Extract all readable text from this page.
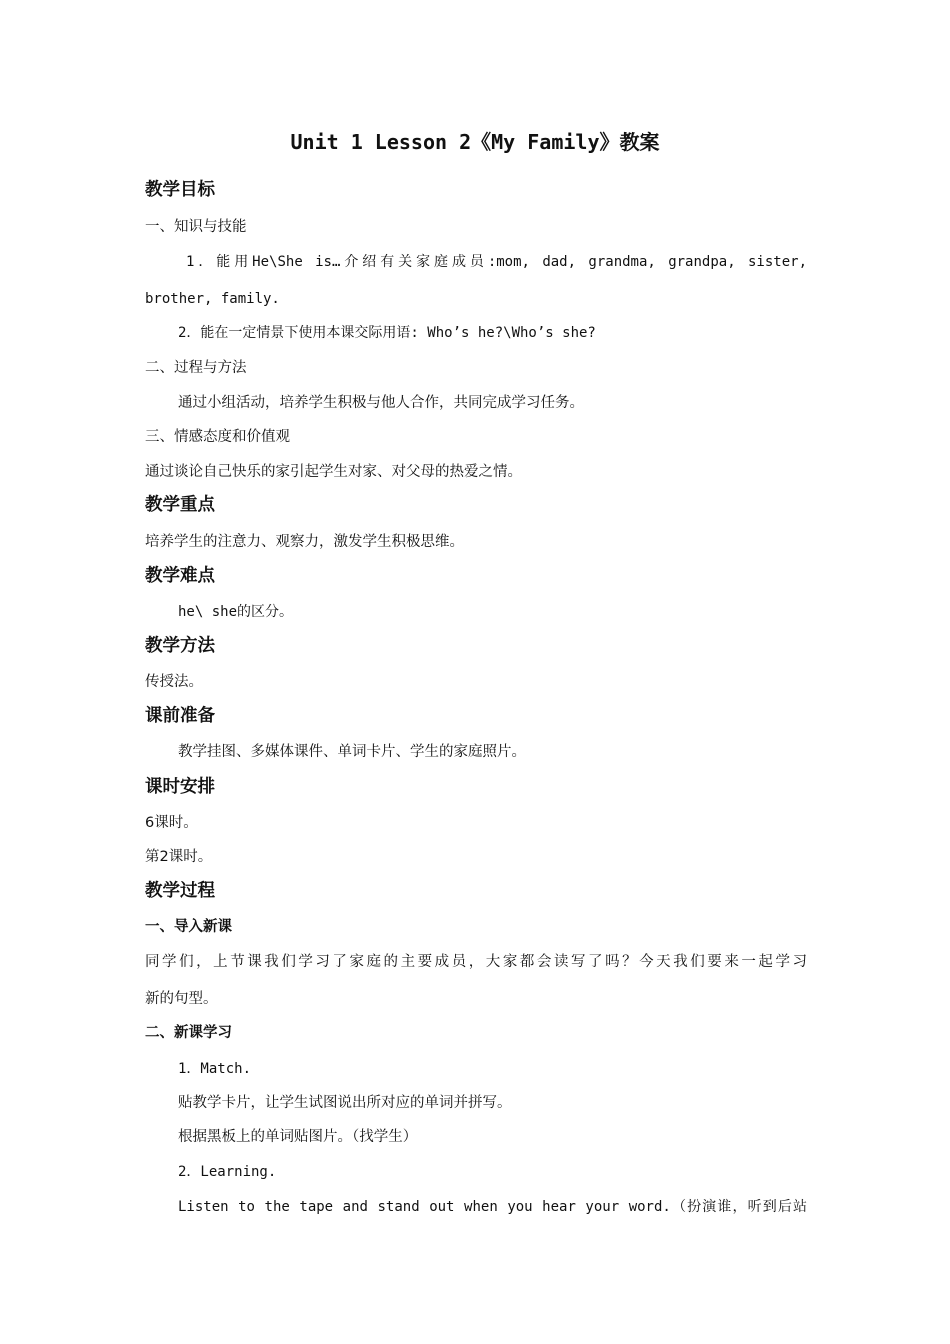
Unit 1 Lesson 2《My Family》教案
教学目标
一、知识与技能
1．能用He\She is…介绍有关家庭成员:mom, dad, grandma, grandpa, sister,
brother, family.
2．能在一定情景下使用本课交际用语: Who’s he?\Who’s she?
二、过程与方法
通过小组活动，培养学生积极与他人合作，共同完成学习任务。
三、情感态度和价值观
通过谈论自己快乐的家引起学生对家、对父母的热爱之情。
教学重点
培养学生的注意力、观察力，激发学生积极思维。
教学难点
he\ she的区分。
教学方法
传授法。
课前准备
教学挂图、多媒体课件、单词卡片、学生的家庭照片。
课时安排
6课时。
第2课时。
教学过程
一、导入新课
同学们，上节课我们学习了家庭的主要成员，大家都会读写了吗？今天我们要来一起学习
新的句型。
二、新课学习
1．Match.
贴教学卡片，让学生试图说出所对应的单词并拼写。
根据黑板上的单词贴图片。（找学生）
2．Learning.
Listen to the tape and stand out when you hear your word.（扮演谁，听到后站
